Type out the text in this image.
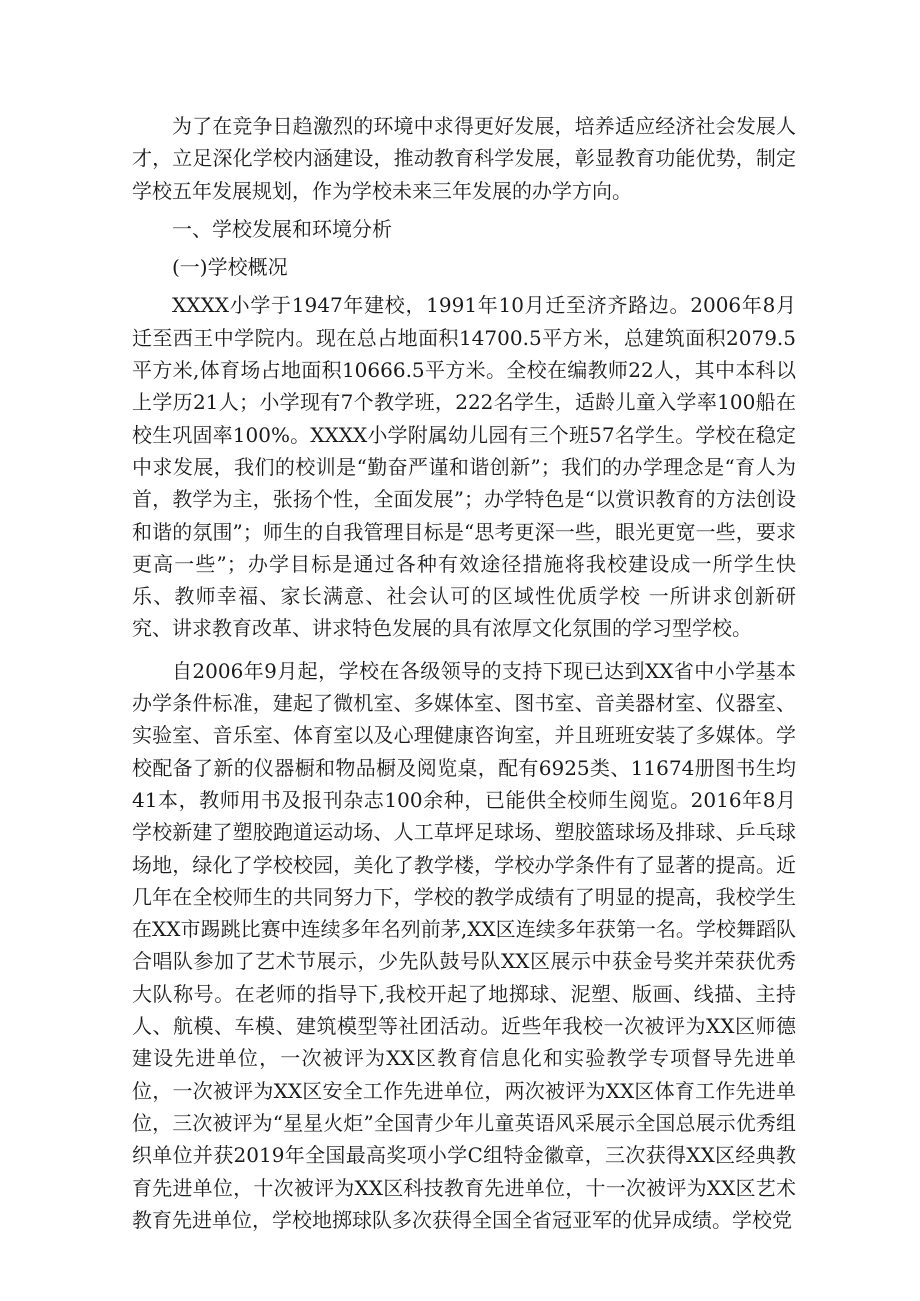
为了在竞争日趋激烈的环境中求得更好发展，培养适应经济社会发展人才，立足深化学校内涵建设，推动教育科学发展，彰显教育功能优势，制定学校五年发展规划，作为学校未来三年发展的办学方向。

一、学校发展和环境分析

(一)学校概况

XXXX小学于1947年建校，1991年10月迁至济齐路边。2006年8月迁至西王中学院内。现在总占地面积14700.5平方米，总建筑面积2079.5平方米,体育场占地面积10666.5平方米。全校在编教师22人，其中本科以上学历21人；小学现有7个教学班，222名学生，适龄儿童入学率100船在校生巩固率100%。XXXX小学附属幼儿园有三个班57名学生。学校在稳定中求发展，我们的校训是“勤奋严谨和谐创新”；我们的办学理念是“育人为首，教学为主，张扬个性，全面发展”；办学特色是“以赏识教育的方法创设和谐的氛围”；师生的自我管理目标是“思考更深一些，眼光更宽一些，要求更高一些”；办学目标是通过各种有效途径措施将我校建设成一所学生快乐、教师幸福、家长满意、社会认可的区域性优质学校 一所讲求创新研究、讲求教育改革、讲求特色发展的具有浓厚文化氛围的学习型学校。

自2006年9月起，学校在各级领导的支持下现已达到XX省中小学基本办学条件标准，建起了微机室、多媒体室、图书室、音美器材室、仪器室、实验室、音乐室、体育室以及心理健康咨询室，并且班班安装了多媒体。学校配备了新的仪器橱和物品橱及阅览桌，配有6925类、11674册图书生均41本，教师用书及报刊杂志100余种，已能供全校师生阅览。2016年8月学校新建了塑胶跑道运动场、人工草坪足球场、塑胶篮球场及排球、乒乓球场地，绿化了学校校园，美化了教学楼，学校办学条件有了显著的提高。近几年在全校师生的共同努力下，学校的教学成绩有了明显的提高，我校学生在XX市踢跳比赛中连续多年名列前茅,XX区连续多年获第一名。学校舞蹈队合唱队参加了艺术节展示，少先队鼓号队XX区展示中获金号奖并荣获优秀大队称号。在老师的指导下,我校开起了地掷球、泥塑、版画、线描、主持人、航模、车模、建筑模型等社团活动。近些年我校一次被评为XX区师德建设先进单位，一次被评为XX区教育信息化和实验教学专项督导先进单位，一次被评为XX区安全工作先进单位，两次被评为XX区体育工作先进单位，三次被评为“星星火炬”全国青少年儿童英语风采展示全国总展示优秀组织单位并获2019年全国最高奖项小学C组特金徽章，三次获得XX区经典教育先进单位，十次被评为XX区科技教育先进单位，十一次被评为XX区艺术教育先进单位，学校地掷球队多次获得全国全省冠亚军的优异成绩。学校党
